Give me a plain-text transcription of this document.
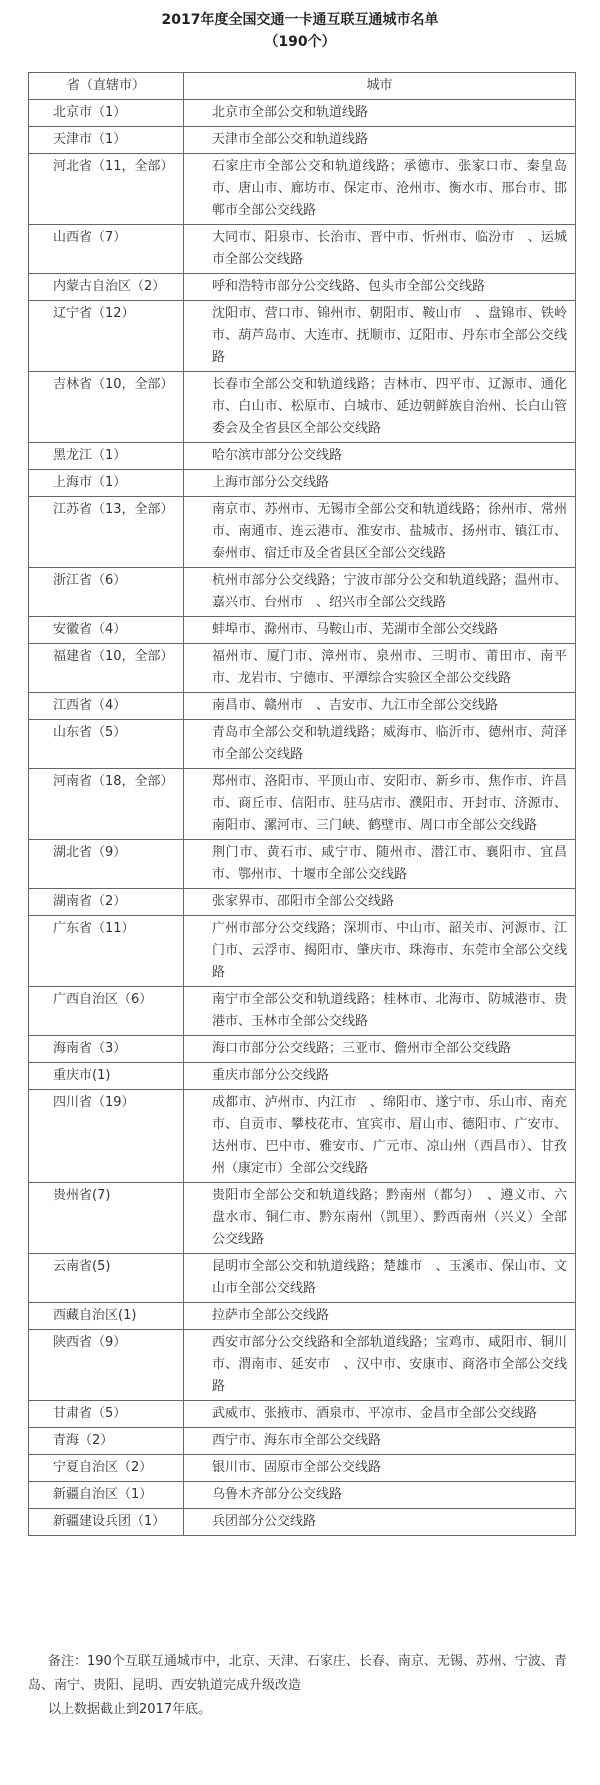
2017年度全国交通一卡通互联互通城市名单
（190个）
省（直辖市）	城市
北京市（1）	北京市全部公交和轨道线路
天津市（1）	天津市全部公交和轨道线路
河北省（11，全部）	石家庄市全部公交和轨道线路；承德市、张家口市、秦皇岛市、唐山市、廊坊市、保定市、沧州市、衡水市、邢台市、邯郸市全部公交线路
山西省（7）	大同市、阳泉市、长治市、晋中市、忻州市、临汾市　、运城市全部公交线路
内蒙古自治区（2）	呼和浩特市部分公交线路、包头市全部公交线路
辽宁省（12）	沈阳市、营口市、锦州市、朝阳市、鞍山市　、盘锦市、铁岭市、葫芦岛市、大连市、抚顺市、辽阳市、丹东市全部公交线路
吉林省（10，全部）	长春市全部公交和轨道线路；吉林市、四平市、辽源市、通化市、白山市、松原市、白城市、延边朝鲜族自治州、长白山管委会及全省县区全部公交线路
黑龙江（1）	哈尔滨市部分公交线路
上海市（1）	上海市部分公交线路
江苏省（13，全部）	南京市、苏州市、无锡市全部公交和轨道线路；徐州市、常州市、南通市、连云港市、淮安市、盐城市、扬州市、镇江市、泰州市、宿迁市及全省县区全部公交线路
浙江省（6）	杭州市部分公交线路；宁波市部分公交和轨道线路；温州市、嘉兴市、台州市　、绍兴市全部公交线路
安徽省（4）	蚌埠市、滁州市、马鞍山市、芜湖市全部公交线路
福建省（10，全部）	福州市、厦门市、漳州市、泉州市、三明市、莆田市、南平市、龙岩市、宁德市、平潭综合实验区全部公交线路
江西省（4）	南昌市、赣州市　、吉安市、九江市全部公交线路
山东省（5）	青岛市全部公交和轨道线路；威海市、临沂市、德州市、菏泽市全部公交线路
河南省（18，全部）	郑州市、洛阳市、平顶山市、安阳市、新乡市、焦作市、许昌市、商丘市、信阳市、驻马店市、濮阳市、开封市、济源市、南阳市、漯河市、三门峡、鹤壁市、周口市全部公交线路
湖北省（9）	荆门市、黄石市、咸宁市、随州市、潜江市、襄阳市、宜昌市、鄂州市、十堰市全部公交线路
湖南省（2）	张家界市、邵阳市全部公交线路
广东省（11）	广州市部分公交线路；深圳市、中山市、韶关市、河源市、江门市、云浮市、揭阳市、肇庆市、珠海市、东莞市全部公交线路
广西自治区（6）	南宁市全部公交和轨道线路；桂林市、北海市、防城港市、贵港市、玉林市全部公交线路
海南省（3）	海口市部分公交线路；三亚市、儋州市全部公交线路
重庆市(1)	重庆市部分公交线路
四川省（19）	成都市、泸州市、内江市　、绵阳市、遂宁市、乐山市、南充市、自贡市、攀枝花市、宜宾市、眉山市、德阳市、广安市、达州市、巴中市、雅安市、广元市、凉山州（西昌市）、甘孜州（康定市）全部公交线路
贵州省(7)	贵阳市全部公交和轨道线路；黔南州（都匀）　、遵义市、六盘水市、铜仁市、黔东南州（凯里）、黔西南州（兴义）全部公交线路
云南省(5)	昆明市全部公交和轨道线路；楚雄市　、玉溪市、保山市、文山市全部公交线路
西藏自治区(1)	拉萨市全部公交线路
陕西省（9）	西安市部分公交线路和全部轨道线路；宝鸡市、咸阳市、铜川市、渭南市、延安市　、汉中市、安康市、商洛市全部公交线路
甘肃省（5）	武威市、张掖市、酒泉市、平凉市、金昌市全部公交线路
青海（2）	西宁市、海东市全部公交线路
宁夏自治区（2）	银川市、固原市全部公交线路
新疆自治区（1）	乌鲁木齐部分公交线路
新疆建设兵团（1）	兵团部分公交线路

备注：190个互联互通城市中，北京、天津、石家庄、长春、南京、无锡、苏州、宁波、青岛、南宁、贵阳、昆明、西安轨道完成升级改造

以上数据截止到2017年底。
